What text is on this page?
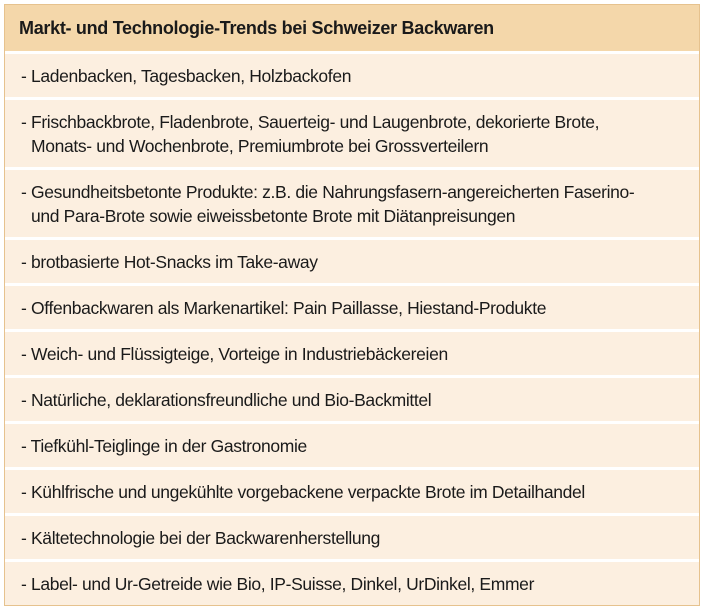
Markt- und Technologie-Trends bei Schweizer Backwaren
- Ladenbacken, Tagesbacken, Holzbackofen
- Frischbackbrote, Fladenbrote, Sauerteig- und Laugenbrote, dekorierte Brote,
Monats- und Wochenbrote, Premiumbrote bei Grossverteilern
- Gesundheitsbetonte Produkte: z.B. die Nahrungsfasern-angereicherten Faserino-
und Para-Brote sowie eiweissbetonte Brote mit Diätanpreisungen
- brotbasierte Hot-Snacks im Take-away
- Offenbackwaren als Markenartikel: Pain Paillasse, Hiestand-Produkte
- Weich- und Flüssigteige, Vorteige in Industriebäckereien
- Natürliche, deklarationsfreundliche und Bio-Backmittel
- Tiefkühl-Teiglinge in der Gastronomie
- Kühlfrische und ungekühlte vorgebackene verpackte Brote im Detailhandel
- Kältetechnologie bei der Backwarenherstellung
- Label- und Ur-Getreide wie Bio, IP-Suisse, Dinkel, UrDinkel, Emmer
